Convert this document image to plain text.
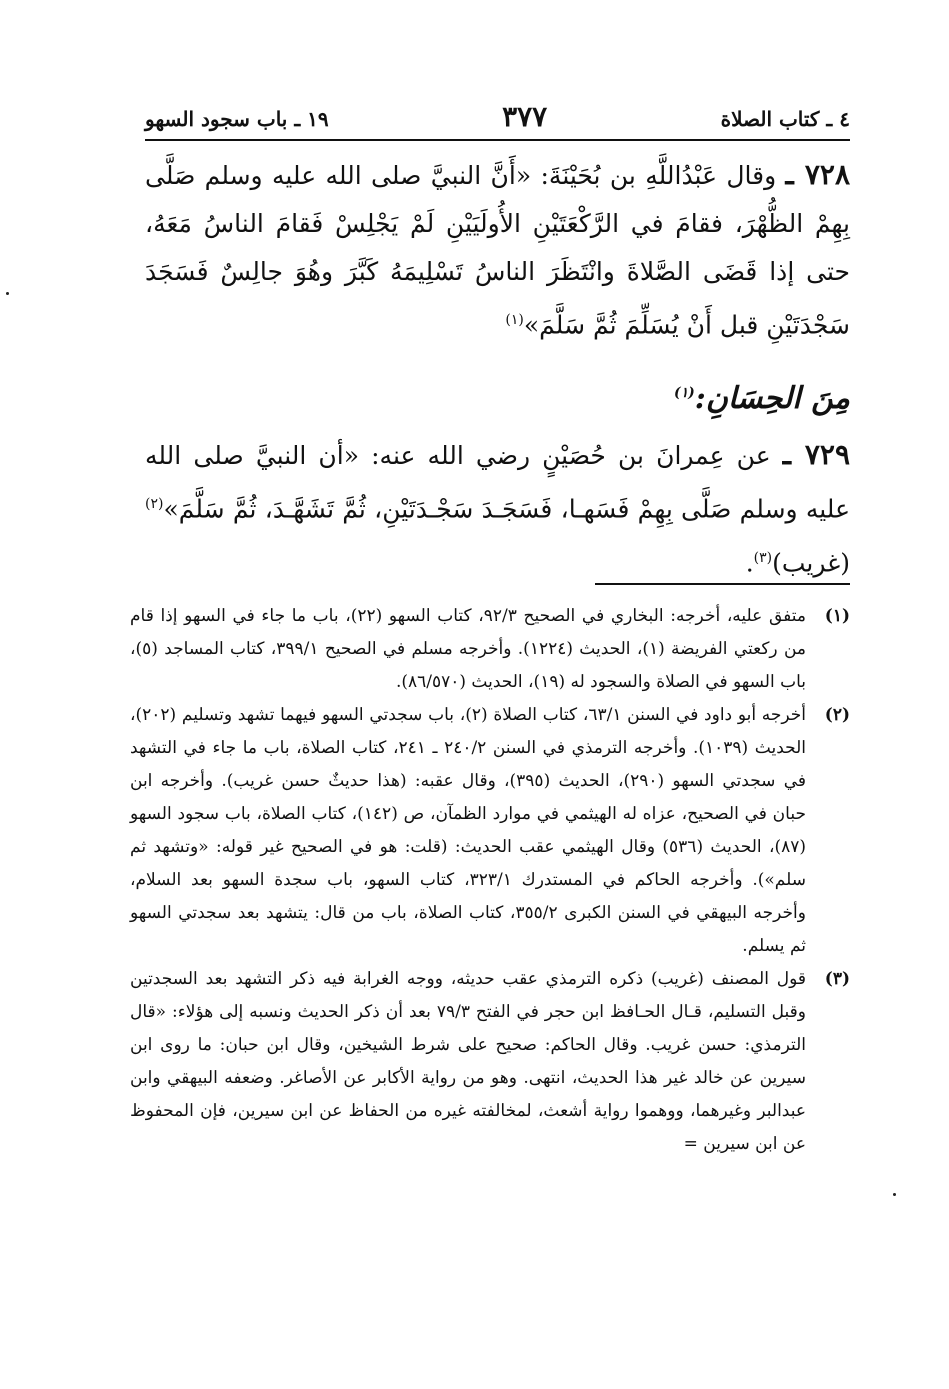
٤ ـ كتاب الصلاة
٣٧٧
١٩ ـ باب سجود السهو
٧٢٨ ـ وقال عَبْدُاللَّهِ بن بُحَيْنَةَ: «أَنَّ النبيَّ صلى الله عليه وسلم صَلَّى بِهِمْ الظُّهْرَ، فقامَ في الرَّكْعَتَيْنِ الأُولَيَيْنِ لَمْ يَجْلِسْ فَقامَ الناسُ مَعَهُ، حتى إذا قَضَى الصَّلاةَ وانْتَظَرَ الناسُ تَسْلِيمَهُ كَبَّرَ وهُوَ جالِسٌ فَسَجَدَ سَجْدَتَيْنِ قبل أَنْ يُسَلِّمَ ثُمَّ سَلَّمَ»$^{(١)}$
مِنَ الحِسَانِ:$^{(١)}$
٧٢٩ ـ عن عِمرانَ بن حُصَيْنٍ رضي الله عنه: «أن النبيَّ صلى الله عليه وسلم صَلَّى بِهِمْ فَسَهـا، فَسَجَـدَ سَجْـدَتَيْنِ، ثُمَّ تَشَهَّـدَ، ثُمَّ سَلَّمَ»$^{(٢)}$ (غريب)$^{(٣)}$.
(١)
متفق عليه، أخرجه: البخاري في الصحيح ٩٢/٣، كتاب السهو (٢٢)، باب ما جاء في السهو إذا قام من ركعتي الفريضة (١)، الحديث (١٢٢٤). وأخرجه مسلم في الصحيح ٣٩٩/١، كتاب المساجد (٥)، باب السهو في الصلاة والسجود له (١٩)، الحديث (٨٦/٥٧٠).
(٢)
أخرجه أبو داود في السنن ٦٣/١، كتاب الصلاة (٢)، باب سجدتي السهو فيهما تشهد وتسليم (٢٠٢)، الحديث (١٠٣٩). وأخرجه الترمذي في السنن ٢٤٠/٢ ـ ٢٤١، كتاب الصلاة، باب ما جاء في التشهد في سجدتي السهو (٢٩٠)، الحديث (٣٩٥)، وقال عقبه: (هذا حديثٌ حسن غريب). وأخرجه ابن حبان في الصحيح، عزاه له الهيثمي في موارد الظمآن، ص (١٤٢)، كتاب الصلاة، باب سجود السهو (٨٧)، الحديث (٥٣٦) وقال الهيثمي عقب الحديث: (قلت: هو في الصحيح غير قوله: «وتشهد ثم سلم»). وأخرجه الحاكم في المستدرك ٣٢٣/١، كتاب السهو، باب سجدة السهو بعد السلام، وأخرجه البيهقي في السنن الكبرى ٣٥٥/٢، كتاب الصلاة، باب من قال: يتشهد بعد سجدتي السهو ثم يسلم.
(٣)
قول المصنف (غريب) ذكره الترمذي عقب حديثه، ووجه الغرابة فيه ذكر التشهد بعد السجدتين وقبل التسليم، قـال الحـافظ ابن حجر في الفتح ٧٩/٣ بعد أن ذكر الحديث ونسبه إلى هؤلاء: «قال الترمذي: حسن غريب. وقال الحاكم: صحيح على شرط الشيخين، وقال ابن حبان: ما روى ابن سيرين عن خالد غير هذا الحديث، انتهى. وهو من رواية الأكابر عن الأصاغر. وضعفه البيهقي وابن عبدالبر وغيرهما، ووهموا رواية أشعث، لمخالفته غيره من الحفاظ عن ابن سيرين، فإن المحفوظ عن ابن سيرين =
